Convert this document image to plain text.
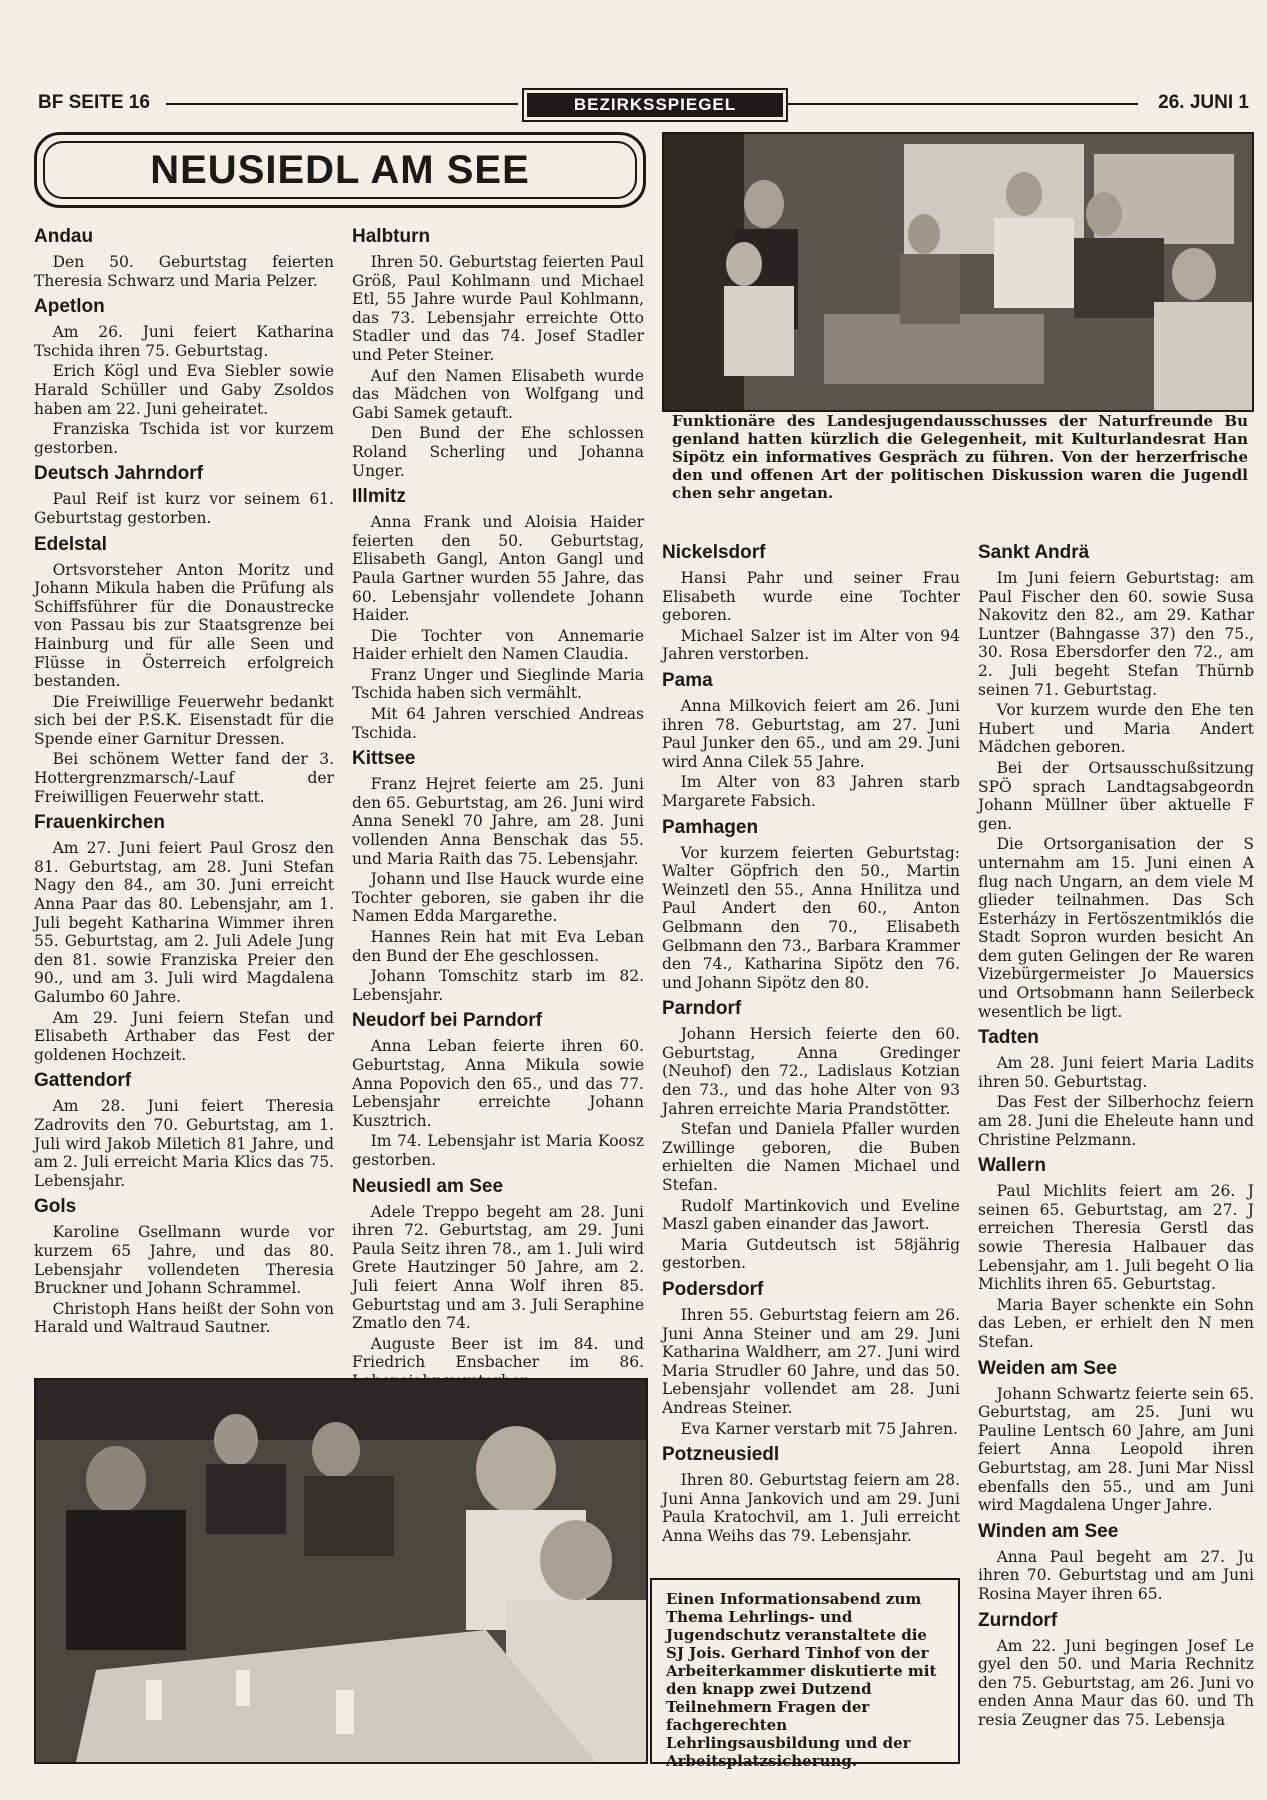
BF SEITE 16	BEZIRKSSPIEGEL	26. JUNI 1
NEUSIEDL AM SEE
Andau

Den 50. Geburtstag feierten Theresia Schwarz und Maria Pelzer.

Apetlon

Am 26. Juni feiert Katharina Tschida ihren 75. Geburtstag.

Erich Kögl und Eva Siebler sowie Harald Schüller und Gaby Zsoldos haben am 22. Juni geheiratet.

Franziska Tschida ist vor kurzem gestorben.

Deutsch Jahrndorf

Paul Reif ist kurz vor seinem 61. Geburtstag gestorben.

Edelstal

Ortsvorsteher Anton Moritz und Johann Mikula haben die Prüfung als Schiffsführer für die Donaustrecke von Passau bis zur Staatsgrenze bei Hainburg und für alle Seen und Flüsse in Österreich erfolgreich bestanden.

Die Freiwillige Feuerwehr bedankt sich bei der P.S.K. Eisenstadt für die Spende einer Garnitur Dressen.

Bei schönem Wetter fand der 3. Hottergrenzmarsch/-Lauf der Freiwilligen Feuerwehr statt.

Frauenkirchen

Am 27. Juni feiert Paul Grosz den 81. Geburtstag, am 28. Juni Stefan Nagy den 84., am 30. Juni erreicht Anna Paar das 80. Lebensjahr, am 1. Juli begeht Katharina Wimmer ihren 55. Geburtstag, am 2. Juli Adele Jung den 81. sowie Franziska Preier den 90., und am 3. Juli wird Magdalena Galumbo 60 Jahre.

Am 29. Juni feiern Stefan und Elisabeth Arthaber das Fest der goldenen Hochzeit.

Gattendorf

Am 28. Juni feiert Theresia Zadrovits den 70. Geburtstag, am 1. Juli wird Jakob Miletich 81 Jahre, und am 2. Juli erreicht Maria Klics das 75. Lebensjahr.

Gols

Karoline Gsellmann wurde vor kurzem 65 Jahre, und das 80. Lebensjahr vollendeten Theresia Bruckner und Johann Schrammel.

Christoph Hans heißt der Sohn von Harald und Waltraud Sautner.

Halbturn

Ihren 50. Geburtstag feierten Paul Größ, Paul Kohlmann und Michael Etl, 55 Jahre wurde Paul Kohlmann, das 73. Lebensjahr erreichte Otto Stadler und das 74. Josef Stadler und Peter Steiner.

Auf den Namen Elisabeth wurde das Mädchen von Wolfgang und Gabi Samek getauft.

Den Bund der Ehe schlossen Roland Scherling und Johanna Unger.

Illmitz

Anna Frank und Aloisia Haider feierten den 50. Geburtstag, Elisabeth Gangl, Anton Gangl und Paula Gartner wurden 55 Jahre, das 60. Lebensjahr vollendete Johann Haider.

Die Tochter von Annemarie Haider erhielt den Namen Claudia.

Franz Unger und Sieglinde Maria Tschida haben sich vermählt.

Mit 64 Jahren verschied Andreas Tschida.

Kittsee

Franz Hejret feierte am 25. Juni den 65. Geburtstag, am 26. Juni wird Anna Senekl 70 Jahre, am 28. Juni vollenden Anna Benschak das 55. und Maria Raith das 75. Lebensjahr.

Johann und Ilse Hauck wurde eine Tochter geboren, sie gaben ihr die Namen Edda Margarethe.

Hannes Rein hat mit Eva Leban den Bund der Ehe geschlossen.

Johann Tomschitz starb im 82. Lebensjahr.

Neudorf bei Parndorf

Anna Leban feierte ihren 60. Geburtstag, Anna Mikula sowie Anna Popovich den 65., und das 77. Lebensjahr erreichte Johann Kusztrich.

Im 74. Lebensjahr ist Maria Koosz gestorben.

Neusiedl am See

Adele Treppo begeht am 28. Juni ihren 72. Geburtstag, am 29. Juni Paula Seitz ihren 78., am 1. Juli wird Grete Hautzinger 50 Jahre, am 2. Juli feiert Anna Wolf ihren 85. Geburtstag und am 3. Juli Seraphine Zmatlo den 74.

Auguste Beer ist im 84. und Friedrich Ensbacher im 86.

Nickelsdorf

Hansi Pahr und seiner Frau Elisabeth wurde eine Tochter geboren.

Michael Salzer ist im Alter von 94 Jahren verstorben.

Pama

Anna Milkovich feiert am 26. Juni ihren 78. Geburtstag, am 27. Juni Paul Junker den 65., und am 29. Juni wird Anna Cilek 55 Jahre.

Im Alter von 83 Jahren starb Margarete Fabsich.

Pamhagen

Vor kurzem feierten Geburtstag: Walter Göpfrich den 50., Martin Weinzetl den 55., Anna Hnilitza und Paul Andert den 60., Anton Gelbmann den 70., Elisabeth Gelbmann den 73., Barbara Krammer den 74., Katharina Sipötz den 76. und Johann Sipötz den 80.

Parndorf

Johann Hersich feierte den 60. Geburtstag, Anna Gredinger (Neuhof) den 72., Ladislaus Kotzian den 73., und das hohe Alter von 93 Jahren erreichte Maria Prandstötter.

Stefan und Daniela Pfaller wurden Zwillinge geboren, die Buben erhielten die Namen Michael und Stefan.

Rudolf Martinkovich und Eveline Maszl gaben einander das Jawort.

Maria Gutdeutsch ist 58jährig gestorben.

Podersdorf

Ihren 55. Geburtstag feiern am 26. Juni Anna Steiner und am 29. Juni Katharina Waldherr, am 27. Juni wird Maria Strudler 60 Jahre, und das 50. Lebensjahr vollendet am 28. Juni Andreas Steiner.

Eva Karner verstarb mit 75 Jahren.

Potzneusiedl

Ihren 80. Geburtstag feiern am 28. Juni Anna Jankovich und am 29. Juni Paula Kratochvil, am 1. Juli erreicht Anna Weihs das 79. Lebensjahr.

Sankt Andrä

Im Juni feiern Geburtstag: am Paul Fischer den 60. sowie Susa Nakovitz den 82., am 29. Kathar Luntzer (Bahngasse 37) den 75., 30. Rosa Ebersdorfer den 72., am 2. Juli begeht Stefan Thürnb seinen 71. Geburtstag.

Vor kurzem wurde den Ehe ten Hubert und Maria Andert Mädchen geboren.

Bei der Ortsausschußsitzung SPÖ sprach Landtagsabgeordn Johann Müllner über aktuelle F gen.

Die Ortsorganisation der S unternahm am 15. Juni einen A flug nach Ungarn, an dem viele M glieder teilnahmen. Das Sch Esterházy in Fertöszentmiklós die Stadt Sopron wurden besicht An dem guten Gelingen der Re waren Vizebürgermeister Jo Mauersics und Ortsobmann hann Seilerbeck wesentlich be ligt.

Tadten

Am 28. Juni feiert Maria Ladits ihren 50. Geburtstag.

Das Fest der Silberhochz feiern am 28. Juni die Eheleute hann und Christine Pelzmann.

Wallern

Paul Michlits feiert am 26. J seinen 65. Geburtstag, am 27. J erreichen Theresia Gerstl das sowie Theresia Halbauer das Lebensjahr, am 1. Juli begeht O lia Michlits ihren 65. Geburtstag.

Maria Bayer schenkte ein Sohn das Leben, er erhielt den N men Stefan.

Weiden am See

Johann Schwartz feierte sein 65. Geburtstag, am 25. Juni wu Pauline Lentsch 60 Jahre, am Juni feiert Anna Leopold ihren Geburtstag, am 28. Juni Mar Nissl ebenfalls den 55., und am Juni wird Magdalena Unger Jahre.

Winden am See

Anna Paul begeht am 27. Ju ihren 70. Geburtstag und am Juni Rosina Mayer ihren 65.

Zurndorf

Am 22. Juni begingen Josef Le gyel den 50. und Maria Rechnitz den 75. Geburtstag, am 26. Juni vo enden Anna Maur das 60. und Th resia Zeugner das 75. Lebensja

Funktionäre des Landesjugendausschusses der Naturfreunde Bu genland hatten kürzlich die Gelegenheit, mit Kulturlandesrat Han Sipötz ein informatives Gespräch zu führen. Von der herzerfrische den und offenen Art der politischen Diskussion waren die Jugendl chen sehr angetan.
Einen Informationsabend zum Thema Lehrlings- und Jugendschutz veranstaltete die SJ Jois. Gerhard Tinhof von der Arbeiterkammer diskutierte mit den knapp zwei Dutzend Teilnehmern Fragen der fachgerechten Lehrlingsausbildung und der Arbeitsplatzsicherung.
